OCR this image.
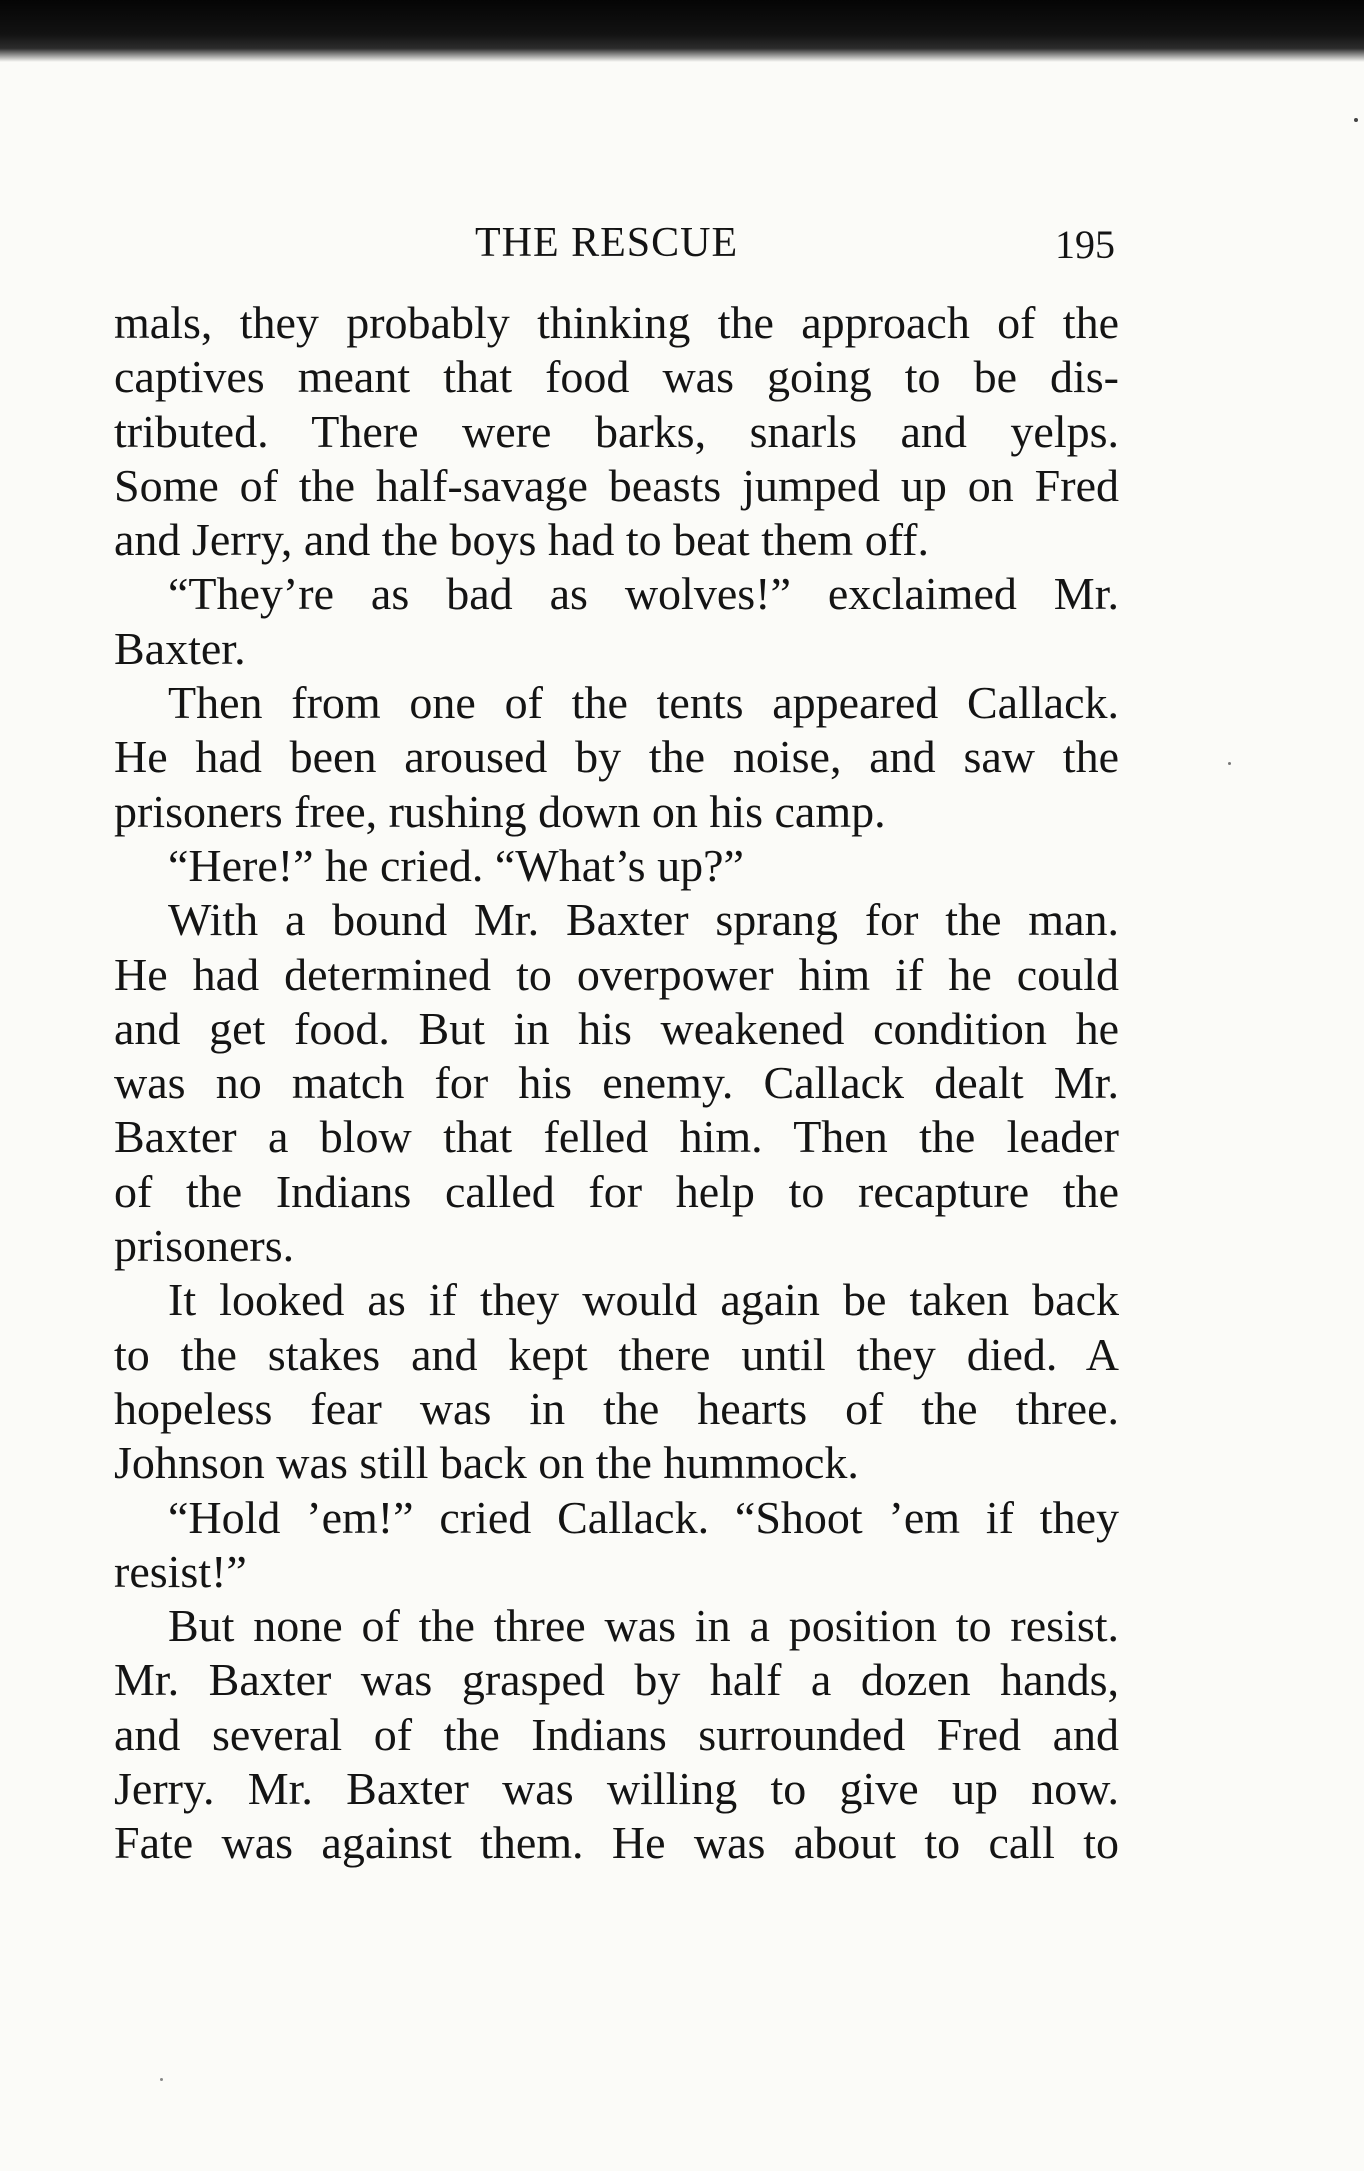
THE RESCUE	195
mals, they probably thinking the approach of the
captives meant that food was going to be dis-
tributed. There were barks, snarls and yelps.
Some of the half-savage beasts jumped up on Fred
and Jerry, and the boys had to beat them off.
“They’re as bad as wolves!” exclaimed Mr.
Baxter.
Then from one of the tents appeared Callack.
He had been aroused by the noise, and saw the
prisoners free, rushing down on his camp.
“Here!” he cried. “What’s up?”
With a bound Mr. Baxter sprang for the man.
He had determined to overpower him if he could
and get food. But in his weakened condition he
was no match for his enemy. Callack dealt Mr.
Baxter a blow that felled him. Then the leader
of the Indians called for help to recapture the
prisoners.
It looked as if they would again be taken back
to the stakes and kept there until they died. A
hopeless fear was in the hearts of the three.
Johnson was still back on the hummock.
“Hold ’em!” cried Callack. “Shoot ’em if they
resist!”
But none of the three was in a position to resist.
Mr. Baxter was grasped by half a dozen hands,
and several of the Indians surrounded Fred and
Jerry. Mr. Baxter was willing to give up now.
Fate was against them. He was about to call to
